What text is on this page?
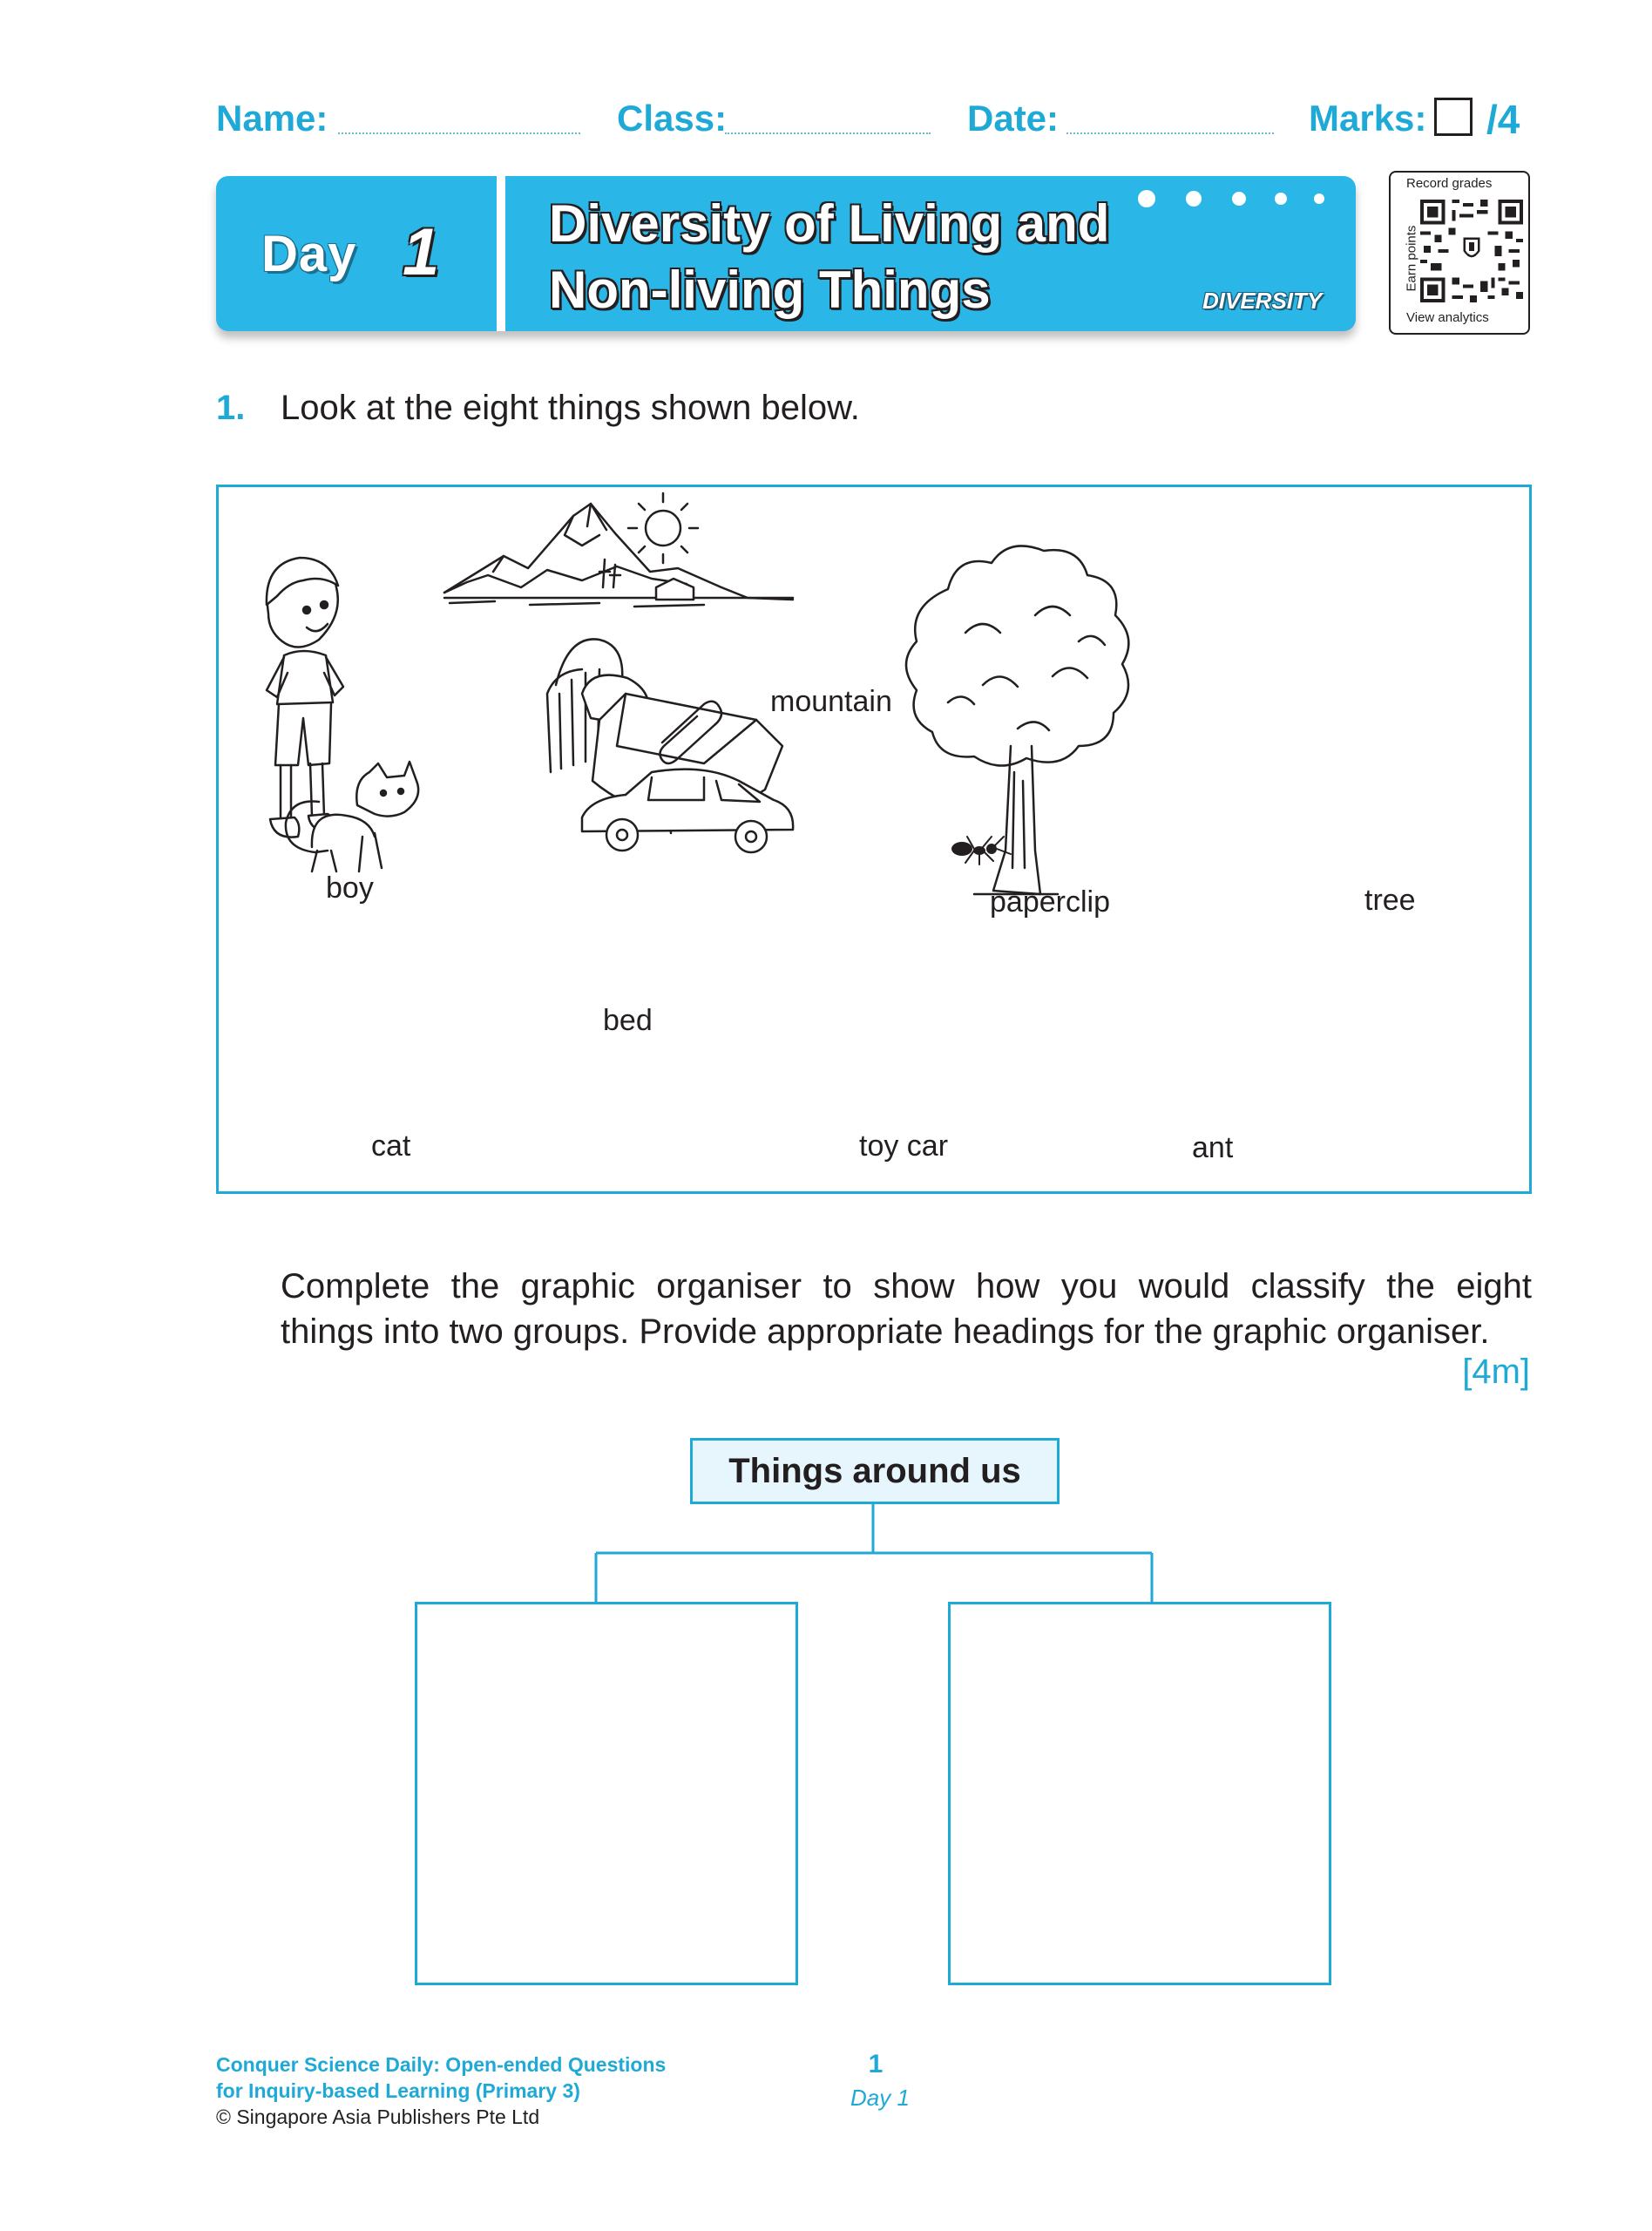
Name:	Class:	Date:	Marks: /4
Day 1 Diversity of Living and
Non-living Things	DIVERSITY
Record grades
Earn points
View analytics
1. Look at the eight things shown below.
boy
mountain
tree
bed
paperclip
cat	toy car	ant
Complete the graphic organiser to show how you would classify the eight
things into two groups. Provide appropriate headings for the graphic organiser.
[4m]
Things around us
Conquer Science Daily: Open-ended Questions
for Inquiry-based Learning (Primary 3)
© Singapore Asia Publishers Pte Ltd
1
Day 1
